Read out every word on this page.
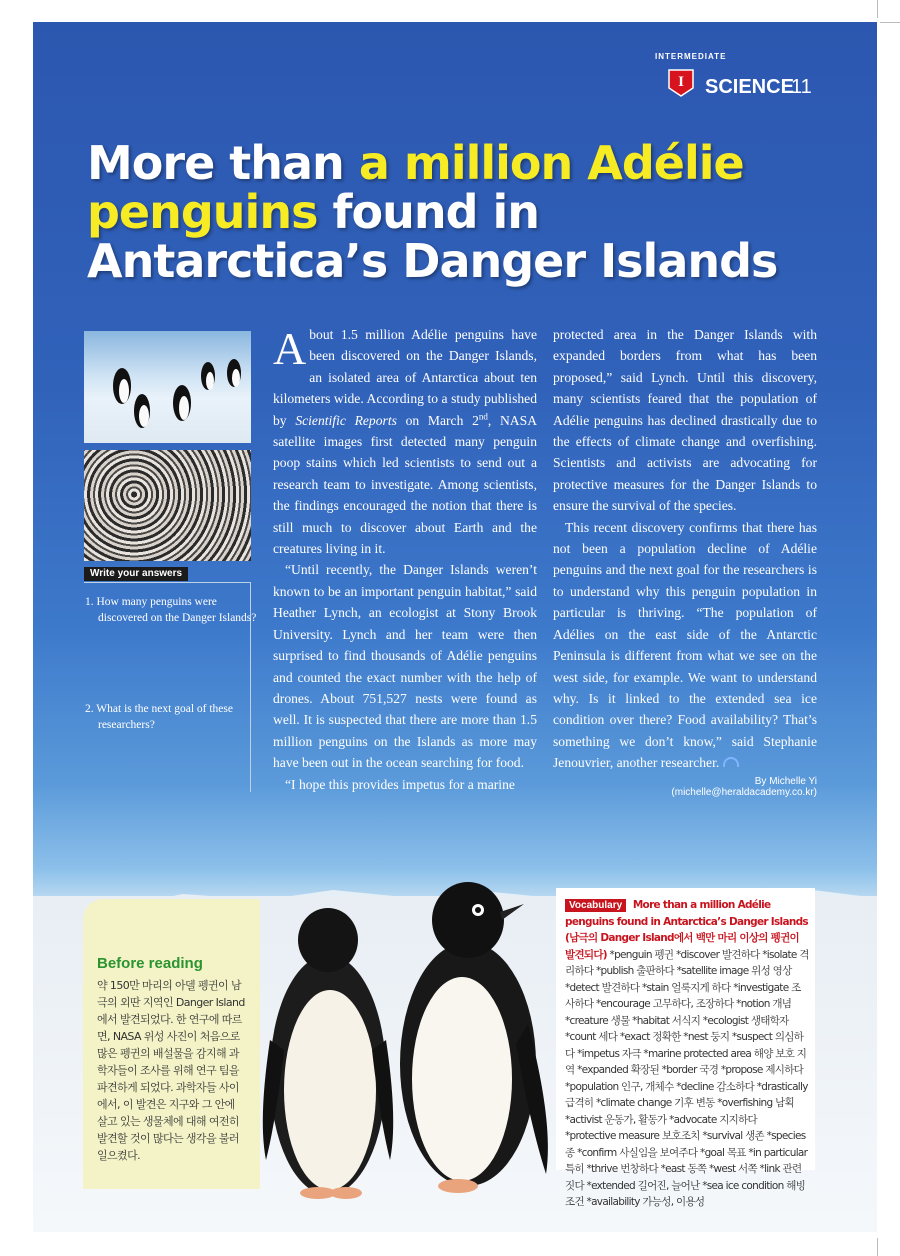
I
INTERMEDIATE
SCIENCE
11
More than a million Adélie penguins found in Antarctica’s Danger Islands
Write your answers
1. How many penguins were discovered on the Danger Islands?
2. What is the next goal of these researchers?

About 1.5 million Adélie penguins have been discovered on the Danger Islands, an isolated area of Antarctica about ten kilometers wide. According to a study published by Scientific Reports on March 2nd, NASA satellite images first detected many penguin poop stains which led scientists to send out a research team to investigate. Among scientists, the findings encouraged the notion that there is still much to discover about Earth and the creatures living in it.

“Until recently, the Danger Islands weren’t known to be an important penguin habitat,” said Heather Lynch, an ecologist at Stony Brook University. Lynch and her team were then surprised to find thousands of Adélie penguins and counted the exact number with the help of drones. About 751,527 nests were found as well. It is suspected that there are more than 1.5 million penguins on the Islands as more may have been out in the ocean searching for food.

“I hope this provides impetus for a marine

protected area in the Danger Islands with expanded borders from what has been proposed,” said Lynch. Until this discovery, many scientists feared that the population of Adélie penguins has declined drastically due to the effects of climate change and overfishing. Scientists and activists are advocating for protective measures for the Danger Islands to ensure the survival of the species.

This recent discovery confirms that there has not been a population decline of Adélie penguins and the next goal for the researchers is to understand why this penguin population in particular is thriving. “The population of Adélies on the east side of the Antarctic Peninsula is different from what we see on the west side, for example. We want to understand why. Is it linked to the extended sea ice condition over there? Food availability? That’s something we don’t know,” said Stephanie Jenouvrier, another researcher.

By Michelle Yi (michelle@heraldacademy.co.kr)
Before reading

약 150만 마리의 아델 펭귄이 남극의 외딴 지역인 Danger Island에서 발견되었다. 한 연구에 따르면, NASA 위성 사진이 처음으로 많은 펭귄의 배설물을 감지해 과학자들이 조사를 위해 연구 팀을 파견하게 되었다. 과학자들 사이에서, 이 발견은 지구와 그 안에 살고 있는 생물체에 대해 여전히 발견할 것이 많다는 생각을 불러 일으켰다.

Vocabulary More than a million Adélie penguins found in Antarctica’s Danger Islands (남극의 Danger Island에서 백만 마리 이상의 펭귄이 발견되다) *penguin 펭귄 *discover 발견하다 *isolate 격리하다 *publish 출판하다 *satellite image 위성 영상 *detect 발견하다 *stain 얼룩지게 하다 *investigate 조사하다 *encourage 고무하다, 조장하다 *notion 개념 *creature 생물 *habitat 서식지 *ecologist 생태학자 *count 세다 *exact 정확한 *nest 둥지 *suspect 의심하다 *impetus 자극 *marine protected area 해양 보호 지역 *expanded 확장된 *border 국경 *propose 제시하다 *population 인구, 개체수 *decline 감소하다 *drastically 급격히 *climate change 기후 변동 *overfishing 남획 *activist 운동가, 활동가 *advocate 지지하다 *protective measure 보호조치 *survival 생존 *species 종 *confirm 사실임을 보여주다 *goal 목표 *in particular 특히 *thrive 번창하다 *east 동쪽 *west 서쪽 *link 관련 짓다 *extended 길어진, 늘어난 *sea ice condition 해빙 조건 *availability 가능성, 이용성
